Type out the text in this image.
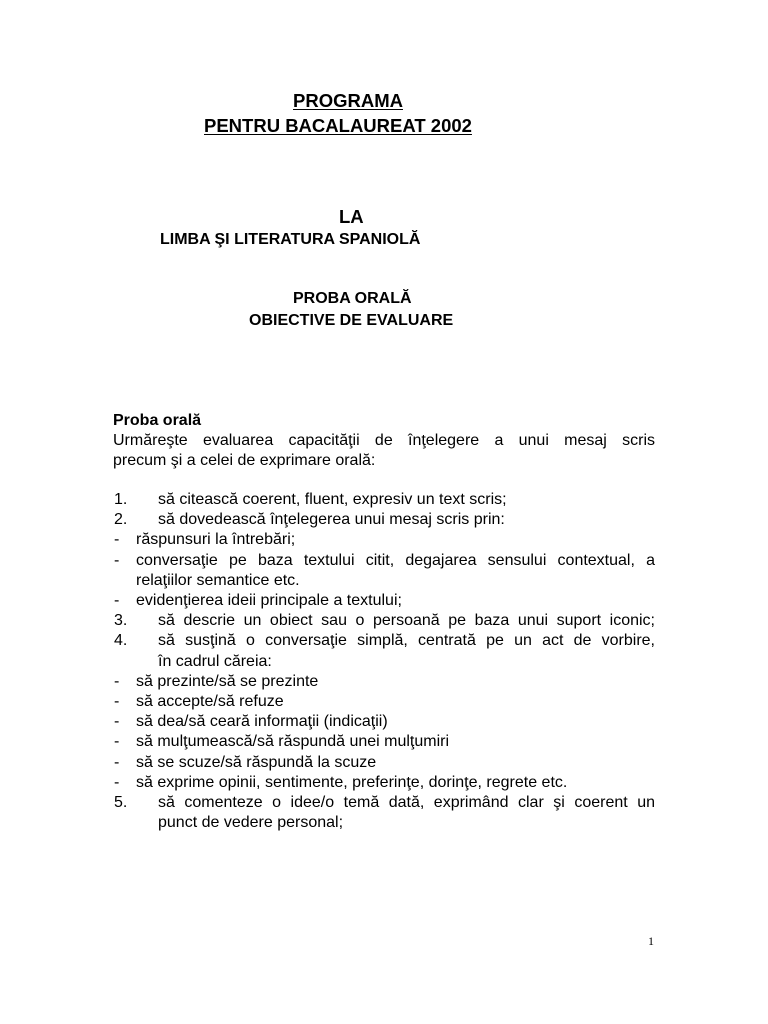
PROGRAMA
PENTRU BACALAUREAT 2002
LA
LIMBA ŞI LITERATURA SPANIOLĂ
PROBA ORALĂ
OBIECTIVE DE EVALUARE
Proba orală
Urmăreşte evaluarea capacităţii de înţelegere a unui mesaj scris
precum şi a celei de exprimare orală:
1. să citească coerent, fluent, expresiv un text scris;
2. să dovedească înţelegerea unui mesaj scris prin:
- răspunsuri la întrebări;
- conversaţie pe baza textului citit, degajarea sensului contextual, a
relaţiilor semantice etc.
- evidenţierea ideii principale a textului;
3. să descrie un obiect sau o persoană pe baza unui suport iconic;
4. să susţină o conversaţie simplă, centrată pe un act de vorbire,
în cadrul căreia:
- să prezinte/să se prezinte
- să accepte/să refuze
- să dea/să ceară informaţii (indicaţii)
- să mulţumească/să răspundă unei mulţumiri
- să se scuze/să răspundă la scuze
- să exprime opinii, sentimente, preferinţe, dorinţe, regrete etc.
5. să comenteze o idee/o temă dată, exprimând clar şi coerent un
punct de vedere personal;
1
